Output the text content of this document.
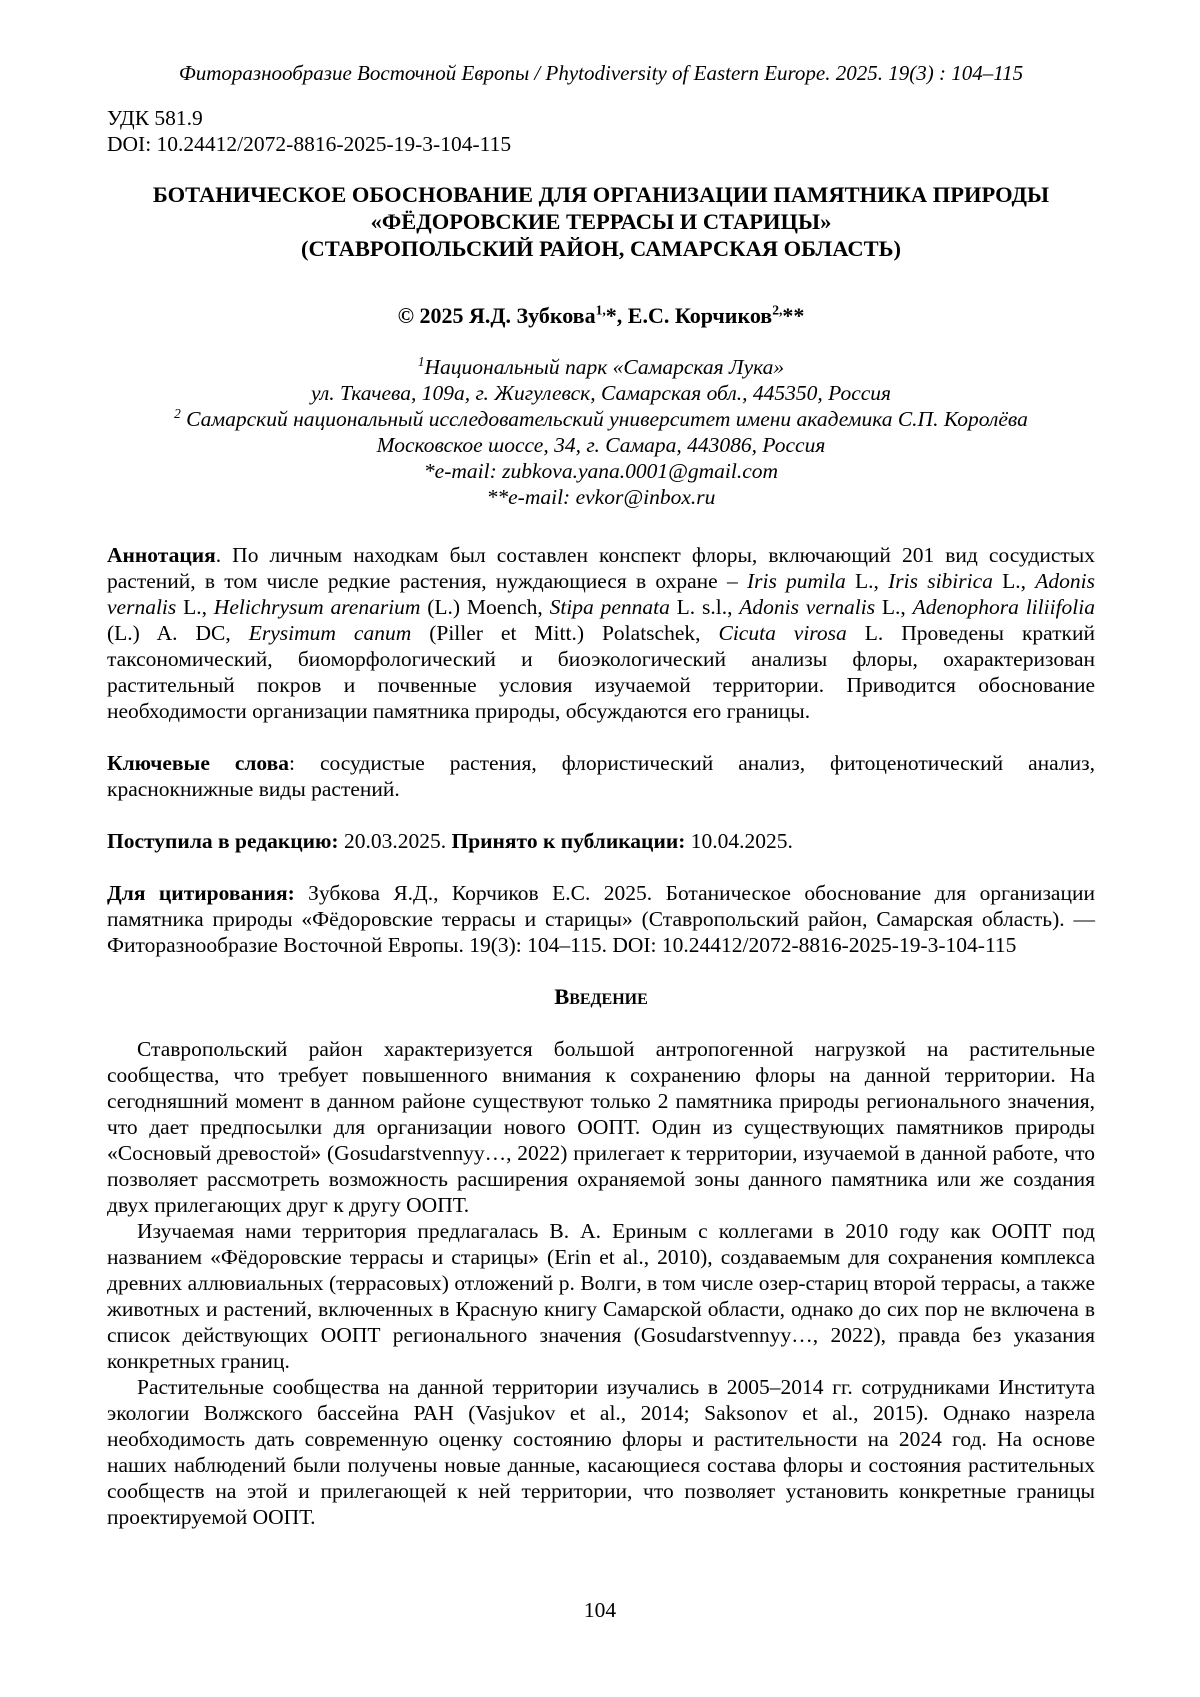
Фиторазнообразие Восточной Европы / Phytodiversity of Eastern Europe. 2025. 19(3) : 104–115
УДК 581.9
DOI: 10.24412/2072-8816-2025-19-3-104-115
БОТАНИЧЕСКОЕ ОБОСНОВАНИЕ ДЛЯ ОРГАНИЗАЦИИ ПАМЯТНИКА ПРИРОДЫ
«ФЁДОРОВСКИЕ ТЕРРАСЫ И СТАРИЦЫ»
(СТАВРОПОЛЬСКИЙ РАЙОН, САМАРСКАЯ ОБЛАСТЬ)
© 2025 Я.Д. Зубкова$^{1,}$*, Е.С. Корчиков$^{2,}$**
$^1$Национальный парк «Самарская Лука»
ул. Ткачева, 109а, г. Жигулевск, Самарская обл., 445350, Россия
$^2$ Самарский национальный исследовательский университет имени академика С.П. Королёва
Московское шоссе, 34, г. Самара, 443086, Россия
*e-mail: zubkova.yana.0001@gmail.com
**e-mail: evkor@inbox.ru

Аннотация. По личным находкам был составлен конспект флоры, включающий 201 вид сосудистых растений, в том числе редкие растения, нуждающиеся в охране – Iris pumila L., Iris sibirica L., Adonis vernalis L., Helichrysum arenarium (L.) Moench, Stipa pennata L. s.l., Adonis vernalis L., Adenophora liliifolia (L.) A. DC, Erysimum canum (Piller et Mitt.) Polatschek, Cicuta virosa L. Проведены краткий таксономический, биоморфологический и биоэкологический анализы флоры, охарактеризован растительный покров и почвенные условия изучаемой территории. Приводится обоснование необходимости организации памятника природы, обсуждаются его границы.

Ключевые слова: сосудистые растения, флористический анализ, фитоценотический анализ, краснокнижные виды растений.

Поступила в редакцию: 20.03.2025. Принято к публикации: 10.04.2025.

Для цитирования: Зубкова Я.Д., Корчиков Е.С. 2025. Ботаническое обоснование для организации памятника природы «Фёдоровские террасы и старицы» (Ставропольский район, Самарская область). — Фиторазнообразие Восточной Европы. 19(3): 104–115. DOI: 10.24412/2072-8816-2025-19-3-104-115

Введение

Ставропольский район характеризуется большой антропогенной нагрузкой на растительные сообщества, что требует повышенного внимания к сохранению флоры на данной территории. На сегодняшний момент в данном районе существуют только 2 памятника природы регионального значения, что дает предпосылки для организации нового ООПТ. Один из существующих памятников природы «Сосновый древостой» (Gosudarstvennyy…, 2022) прилегает к территории, изучаемой в данной работе, что позволяет рассмотреть возможность расширения охраняемой зоны данного памятника или же создания двух прилегающих друг к другу ООПТ.

Изучаемая нами территория предлагалась В. А. Ериным с коллегами в 2010 году как ООПТ под названием «Фёдоровские террасы и старицы» (Erin et al., 2010), создаваемым для сохранения комплекса древних аллювиальных (террасовых) отложений р. Волги, в том числе озер-стариц второй террасы, а также животных и растений, включенных в Красную книгу Самарской области, однако до сих пор не включена в список действующих ООПТ регионального значения (Gosudarstvennyy…, 2022), правда без указания конкретных границ.

Растительные сообщества на данной территории изучались в 2005–2014 гг. сотрудниками Института экологии Волжского бассейна РАН (Vasjukov et al., 2014; Saksonov et al., 2015). Однако назрела необходимость дать современную оценку состоянию флоры и растительности на 2024 год. На основе наших наблюдений были получены новые данные, касающиеся состава флоры и состояния растительных сообществ на этой и прилегающей к ней территории, что позволяет установить конкретные границы проектируемой ООПТ.

104
